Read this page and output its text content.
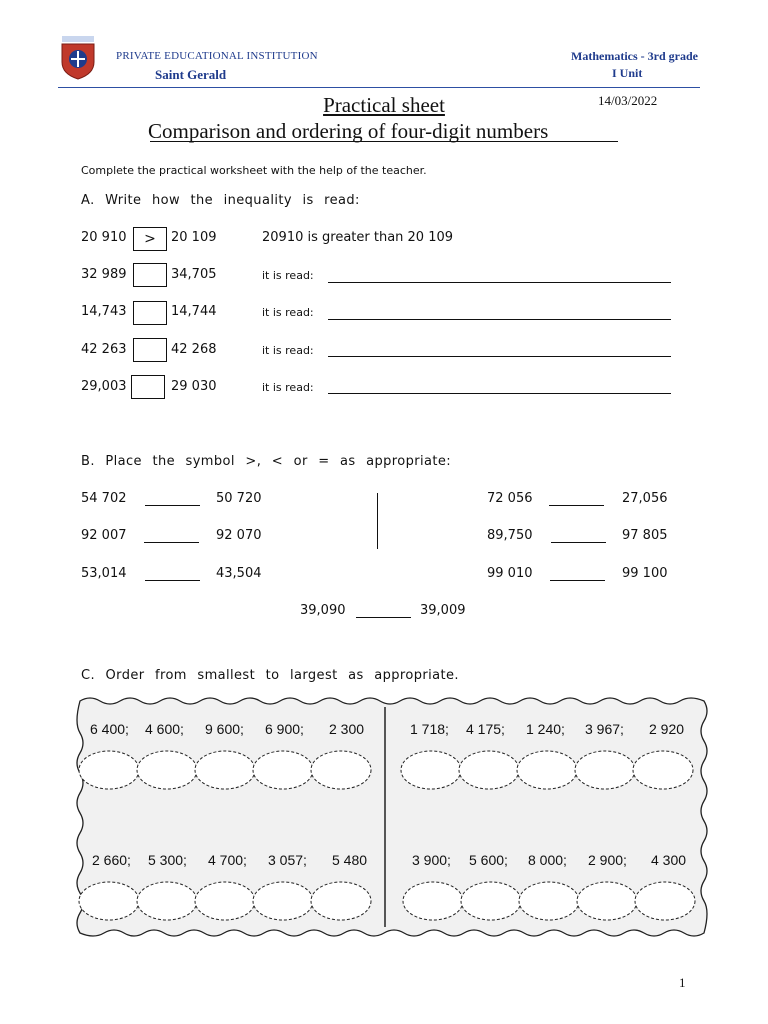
PRIVATE EDUCATIONAL INSTITUTION
Saint Gerald
Mathematics - 3rd grade
I Unit
14/03/2022
Practical sheet
Comparison and ordering of four-digit numbers
Complete the practical worksheet with the help of the teacher.
A. Write how the inequality is read:
20 910	>	20 109	20910 is greater than 20 109
32 989	34,705	it is read:
14,743	14,744	it is read:
42 263	42 268	it is read:
29,003	29 030	it is read:
B. Place the symbol >, < or = as appropriate:
54 702	50 720
92 007	92 070
53,014	43,504
72 056	27,056
89,750	97 805
99 010	99 100
39,090	39,009
C. Order from smallest to largest as appropriate.
6 400; 4 600; 9 600; 6 900; 2 300	1 718; 4 175; 1 240; 3 967; 2 920
2 660; 5 300; 4 700; 3 057; 5 480	3 900; 5 600; 8 000; 2 900; 4 300
1
